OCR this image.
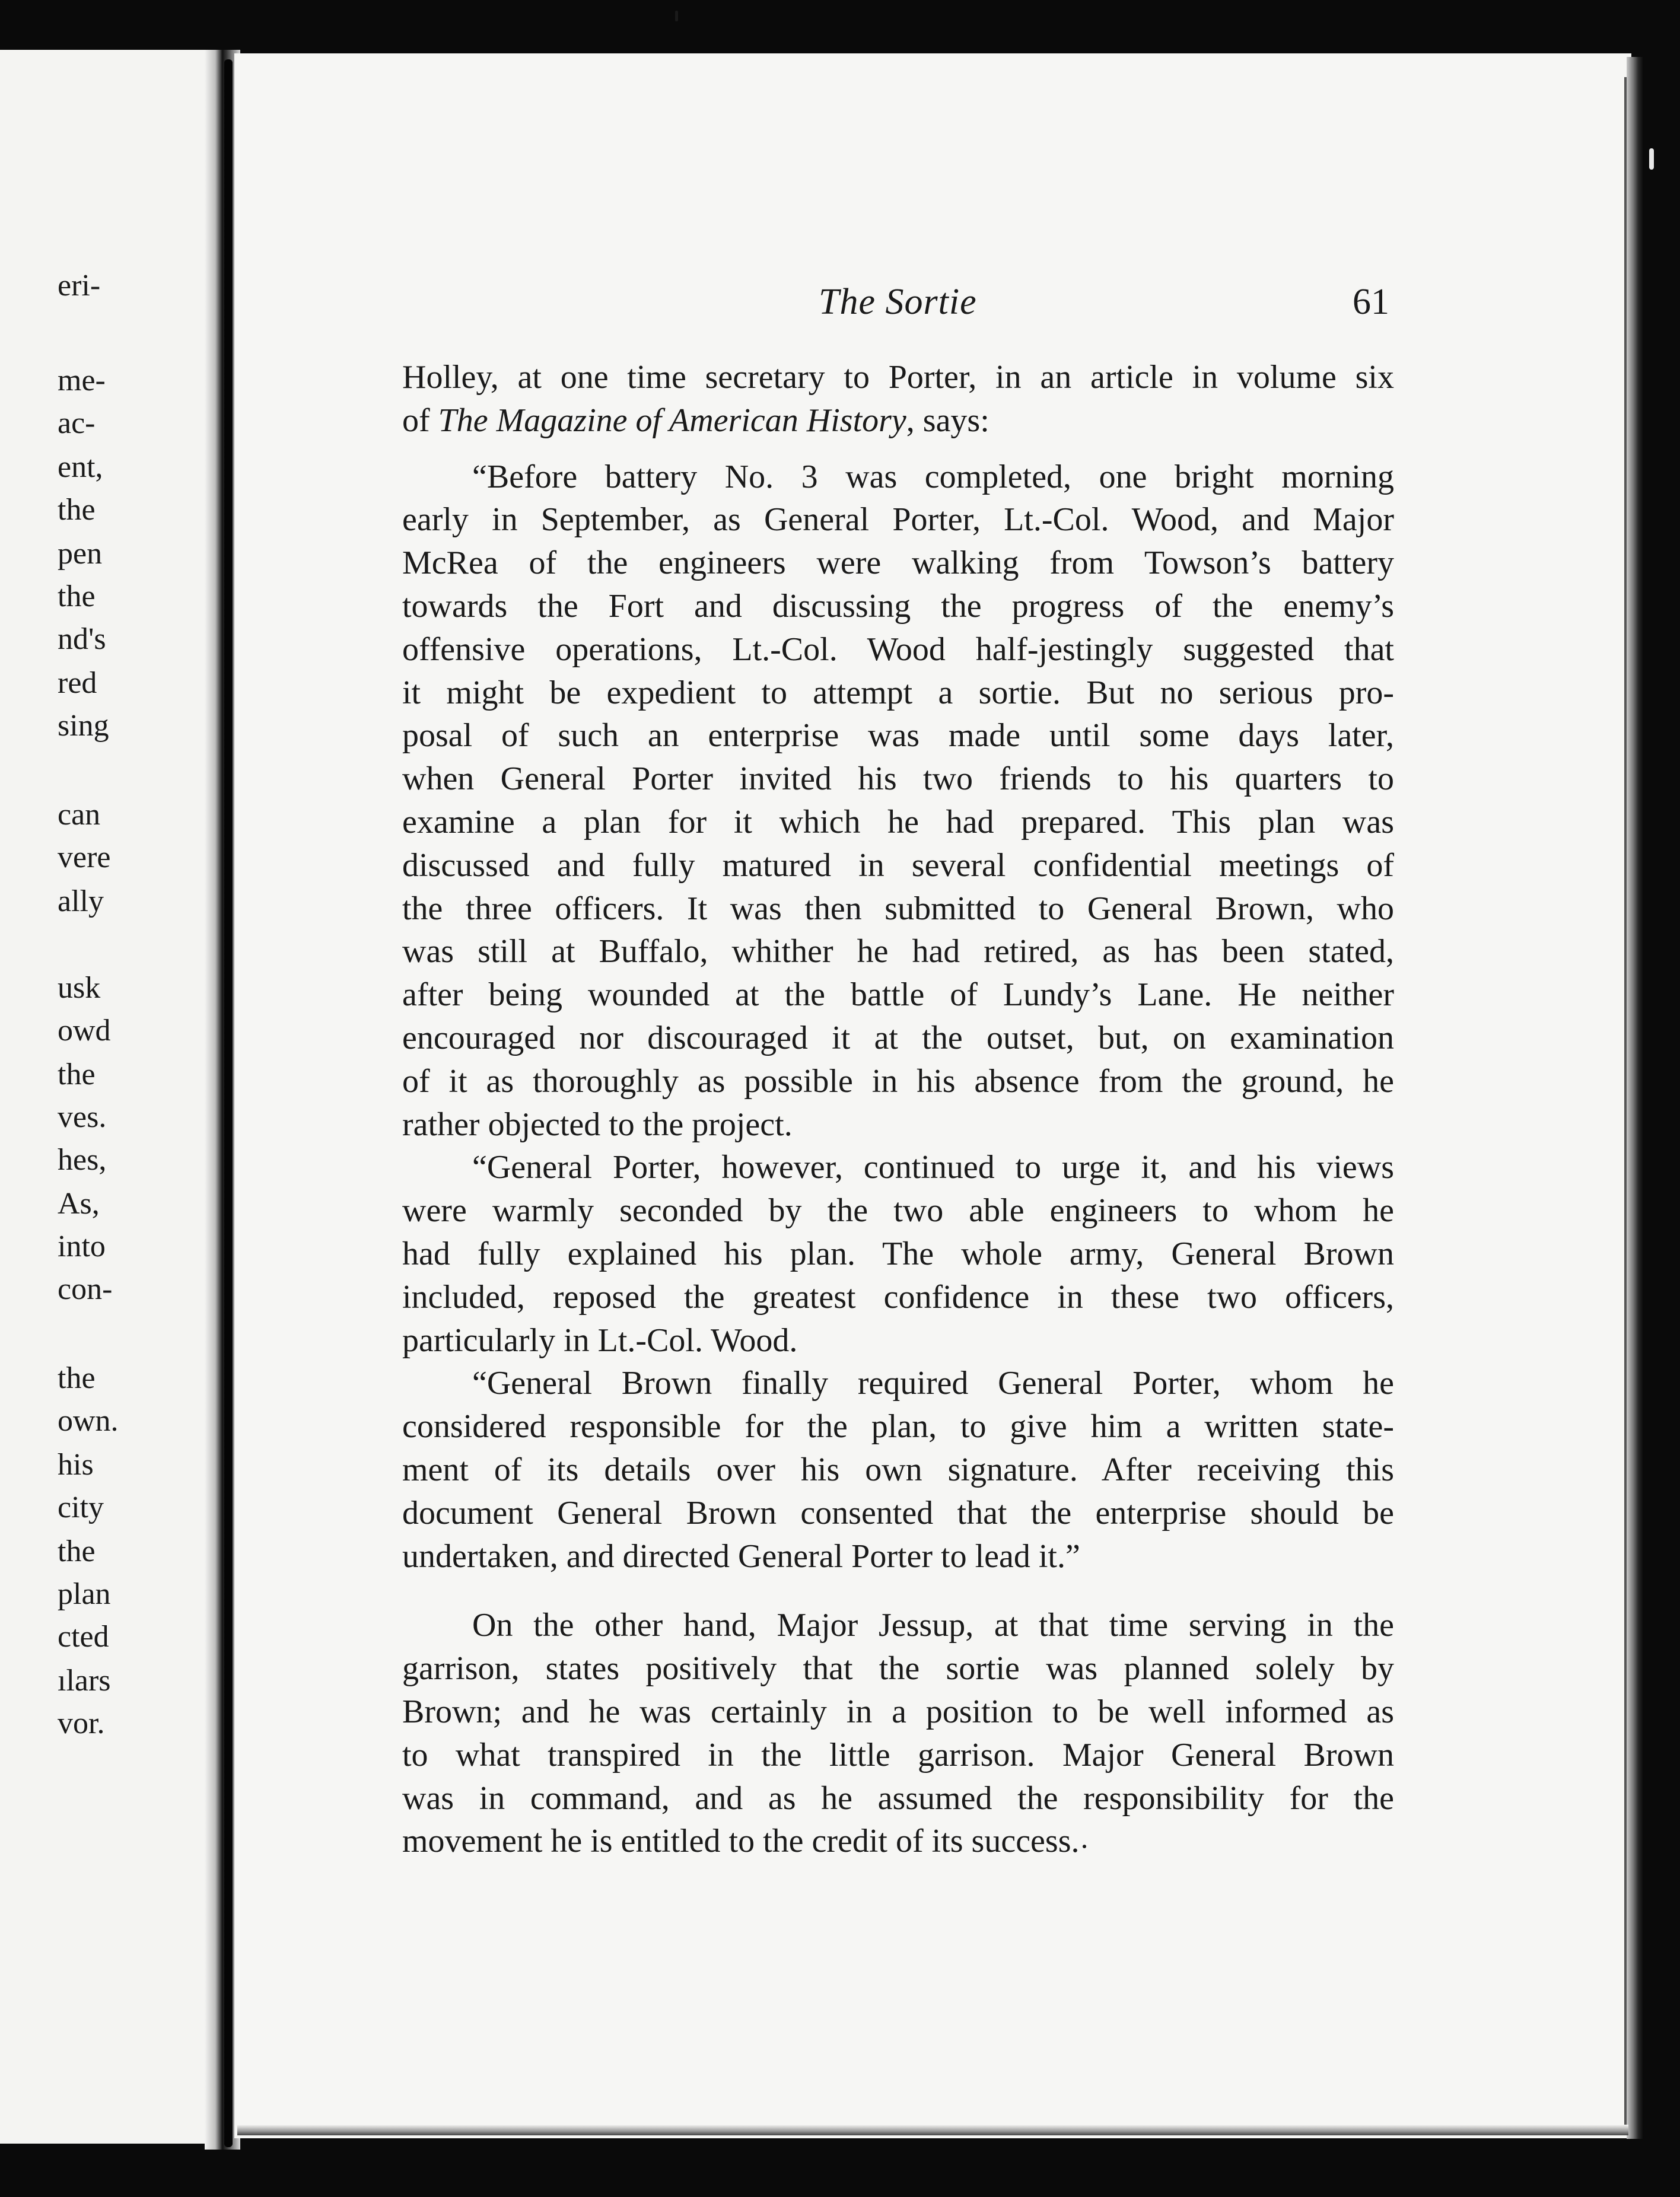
eri-
me-
ac-
ent,
the
pen
the
nd's
red
sing
can
vere
ally
usk
owd
the
ves.
hes,
As,
into
con-
the
own.
his
city
the
plan
cted
ılars
vor.
The Sortie	61
Holley, at one time secretary to Porter, in an article in volume six
of The Magazine of American History, says:
“Before battery No. 3 was completed, one bright morning
early in September, as General Porter, Lt.-Col. Wood, and Major
McRea of the engineers were walking from Towson’s battery
towards the Fort and discussing the progress of the enemy’s
offensive operations, Lt.-Col. Wood half-jestingly suggested that
it might be expedient to attempt a sortie. But no serious pro-
posal of such an enterprise was made until some days later,
when General Porter invited his two friends to his quarters to
examine a plan for it which he had prepared. This plan was
discussed and fully matured in several confidential meetings of
the three officers. It was then submitted to General Brown, who
was still at Buffalo, whither he had retired, as has been stated,
after being wounded at the battle of Lundy’s Lane. He neither
encouraged nor discouraged it at the outset, but, on examination
of it as thoroughly as possible in his absence from the ground, he
rather objected to the project.
“General Porter, however, continued to urge it, and his views
were warmly seconded by the two able engineers to whom he
had fully explained his plan. The whole army, General Brown
included, reposed the greatest confidence in these two officers,
particularly in Lt.-Col. Wood.
“General Brown finally required General Porter, whom he
considered responsible for the plan, to give him a written state-
ment of its details over his own signature. After receiving this
document General Brown consented that the enterprise should be
undertaken, and directed General Porter to lead it.”
On the other hand, Major Jessup, at that time serving in the
garrison, states positively that the sortie was planned solely by
Brown; and he was certainly in a position to be well informed as
to what transpired in the little garrison. Major General Brown
was in command, and as he assumed the responsibility for the
movement he is entitled to the credit of its success.
